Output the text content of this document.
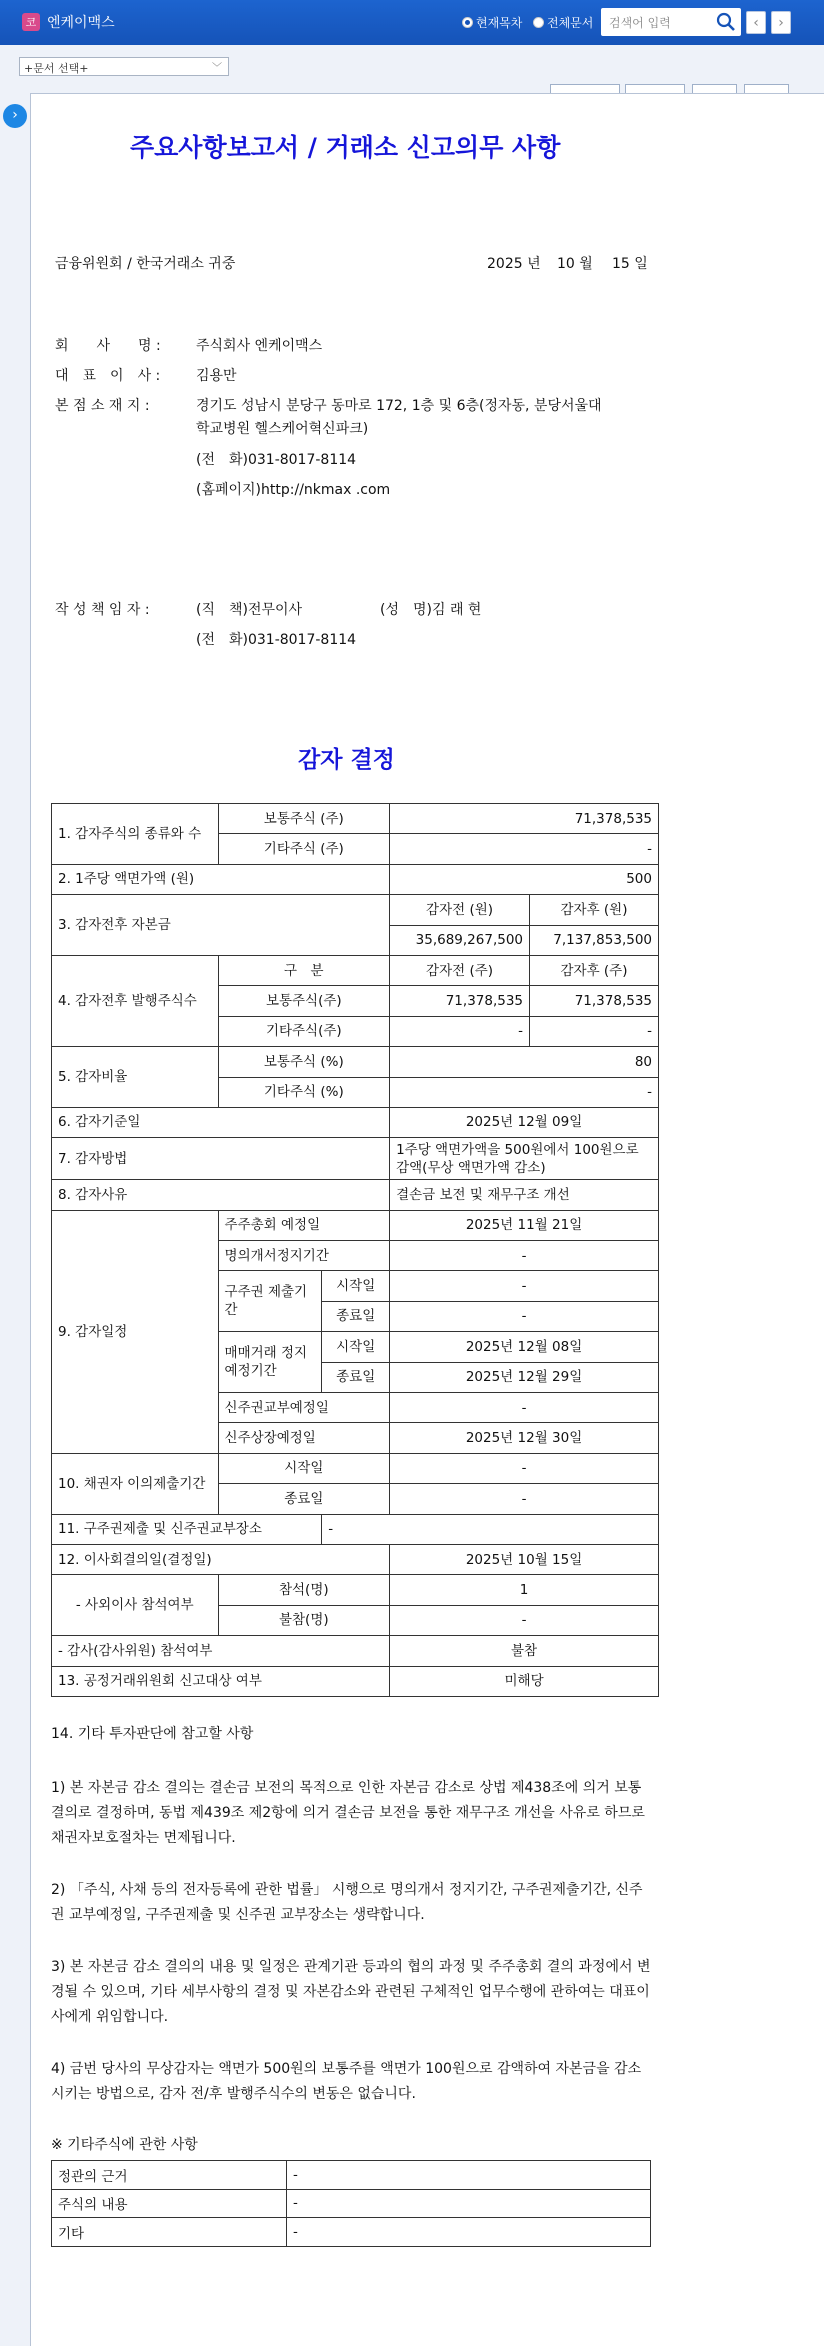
코 엔케이맥스	현재목차 전체문서	검색어 입력	‹	›
+문서 선택+	﹀
›
주요사항보고서 / 거래소 신고의무 사항
금융위원회 / 한국거래소 귀중	2025 년 10 월 15 일
회　　사　　명 :	주식회사 엔케이맥스
대　표　이　사 :	김용만
본 점 소 재 지 :	경기도 성남시 분당구 동마로 172, 1층 및 6층(정자동, 분당서울대
학교병원 헬스케어혁신파크)
(전　화)031-8017-8114
(홈페이지)http://nkmax .com
작 성 책 임 자 :	(직　책)전무이사	(성　명)김 래 현
(전　화)031-8017-8114
감자 결정
1. 감자주식의 종류와 수	보통주식 (주)		71,378,535	
	기타주식 (주)		-	
2. 1주당 액면가액 (원)			500	
3. 감자전후 자본금			감자전 (원)	감자후 (원)
			35,689,267,500	7,137,853,500
4. 감자전후 발행주식수	구　분		감자전 (주)	감자후 (주)
	보통주식(주)		71,378,535	71,378,535
	기타주식(주)		-	-
5. 감자비율	보통주식 (%)		80	
	기타주식 (%)		-	
6. 감자기준일			2025년 12월 09일	
7. 감자방법			1주당 액면가액을 500원에서 100원으로 감액(무상 액면가액 감소)	
8. 감자사유			결손금 보전 및 재무구조 개선	
9. 감자일정	주주총회 예정일		2025년 11월 21일	
	명의개서정지기간		-	
	구주권 제출기간	시작일	-	
		종료일	-	
	매매거래 정지예정기간	시작일	2025년 12월 08일	
		종료일	2025년 12월 29일	
	신주권교부예정일		-	
	신주상장예정일		2025년 12월 30일	
10. 채권자 이의제출기간	시작일		-	
	종료일		-	
11. 구주권제출 및 신주권교부장소		-		
12. 이사회결의일(결정일)			2025년 10월 15일	
- 사외이사 참석여부	참석(명)		1	
	불참(명)		-	
- 감사(감사위원) 참석여부			불참	
13. 공정거래위원회 신고대상 여부			미해당	
14. 기타 투자판단에 참고할 사항
1) 본 자본금 감소 결의는 결손금 보전의 목적으로 인한 자본금 감소로 상법 제438조에 의거 보통결의로 결정하며, 동법 제439조 제2항에 의거 결손금 보전을 통한 재무구조 개선을 사유로 하므로 채권자보호절차는 면제됩니다.
2) 「주식, 사채 등의 전자등록에 관한 법률」 시행으로 명의개서 정지기간, 구주권제출기간, 신주권 교부예정일, 구주권제출 및 신주권 교부장소는 생략합니다.
3) 본 자본금 감소 결의의 내용 및 일정은 관계기관 등과의 협의 과정 및 주주총회 결의 과정에서 변경될 수 있으며, 기타 세부사항의 결정 및 자본감소와 관련된 구체적인 업무수행에 관하여는 대표이사에게 위임합니다.
4) 금번 당사의 무상감자는 액면가 500원의 보통주를 액면가 100원으로 감액하여 자본금을 감소시키는 방법으로, 감자 전/후 발행주식수의 변동은 없습니다.
※ 기타주식에 관한 사항
정관의 근거	-
주식의 내용	-
기타	-
